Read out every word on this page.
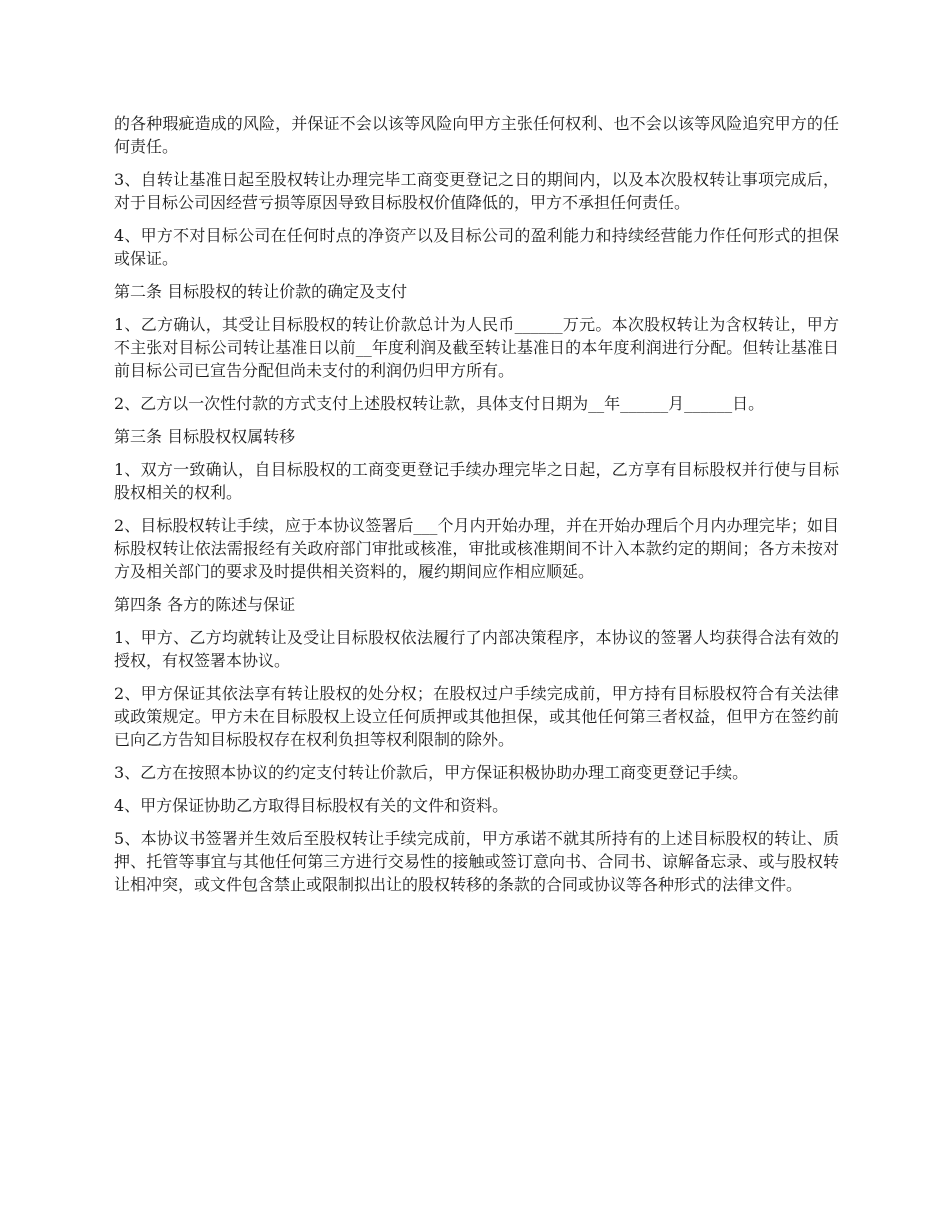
的各种瑕疵造成的风险，并保证不会以该等风险向甲方主张任何权利、也不会以该等风险追究甲方的任何责任。

3、自转让基准日起至股权转让办理完毕工商变更登记之日的期间内，以及本次股权转让事项完成后，对于目标公司因经营亏损等原因导致目标股权价值降低的，甲方不承担任何责任。

4、甲方不对目标公司在任何时点的净资产以及目标公司的盈利能力和持续经营能力作任何形式的担保或保证。

第二条 目标股权的转让价款的确定及支付

1、乙方确认，其受让目标股权的转让价款总计为人民币______万元。本次股权转让为含权转让，甲方不主张对目标公司转让基准日以前__年度利润及截至转让基准日的本年度利润进行分配。但转让基准日前目标公司已宣告分配但尚未支付的利润仍归甲方所有。

2、乙方以一次性付款的方式支付上述股权转让款，具体支付日期为__年______月______日。

第三条 目标股权权属转移

1、双方一致确认，自目标股权的工商变更登记手续办理完毕之日起，乙方享有目标股权并行使与目标股权相关的权利。

2、目标股权转让手续，应于本协议签署后___个月内开始办理，并在开始办理后个月内办理完毕；如目标股权转让依法需报经有关政府部门审批或核准，审批或核准期间不计入本款约定的期间；各方未按对方及相关部门的要求及时提供相关资料的，履约期间应作相应顺延。

第四条 各方的陈述与保证

1、甲方、乙方均就转让及受让目标股权依法履行了内部决策程序，本协议的签署人均获得合法有效的授权，有权签署本协议。

2、甲方保证其依法享有转让股权的处分权；在股权过户手续完成前，甲方持有目标股权符合有关法律或政策规定。甲方未在目标股权上设立任何质押或其他担保，或其他任何第三者权益，但甲方在签约前已向乙方告知目标股权存在权利负担等权利限制的除外。

3、乙方在按照本协议的约定支付转让价款后，甲方保证积极协助办理工商变更登记手续。

4、甲方保证协助乙方取得目标股权有关的文件和资料。

5、本协议书签署并生效后至股权转让手续完成前，甲方承诺不就其所持有的上述目标股权的转让、质押、托管等事宜与其他任何第三方进行交易性的接触或签订意向书、合同书、谅解备忘录、或与股权转让相冲突，或文件包含禁止或限制拟出让的股权转移的条款的合同或协议等各种形式的法律文件。
